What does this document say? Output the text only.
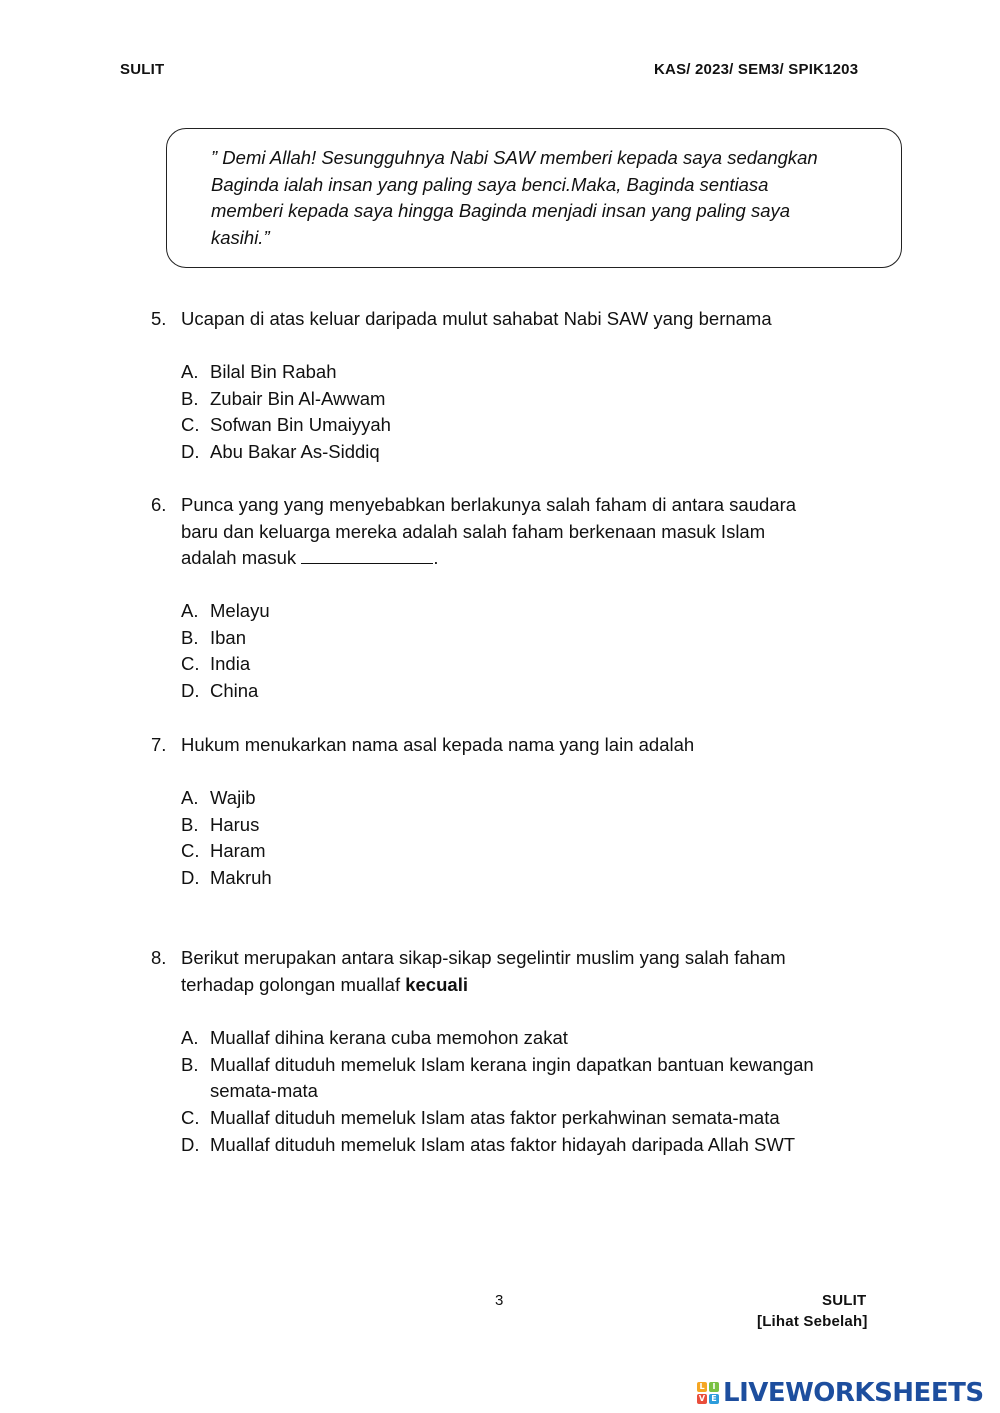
SULIT	KAS/ 2023/ SEM3/ SPIK1203
” Demi Allah! Sesungguhnya Nabi SAW memberi kepada saya sedangkan
Baginda ialah insan yang paling saya benci.Maka, Baginda sentiasa
memberi kepada saya hingga Baginda menjadi insan yang paling saya
kasihi.”
5. Ucapan di atas keluar daripada mulut sahabat Nabi SAW yang bernama
A. Bilal Bin Rabah
B. Zubair Bin Al-Awwam
C. Sofwan Bin Umaiyyah
D. Abu Bakar As-Siddiq
6. Punca yang yang menyebabkan berlakunya salah faham di antara saudara
baru dan keluarga mereka adalah salah faham berkenaan masuk Islam
adalah masuk	.
A. Melayu
B. Iban
C. India
D. China
7. Hukum menukarkan nama asal kepada nama yang lain adalah
A. Wajib
B. Harus
C. Haram
D. Makruh
8. Berikut merupakan antara sikap-sikap segelintir muslim yang salah faham
terhadap golongan muallaf kecuali
A. Muallaf dihina kerana cuba memohon zakat
B. Muallaf dituduh memeluk Islam kerana ingin dapatkan bantuan kewangan
semata-mata
C. Muallaf dituduh memeluk Islam atas faktor perkahwinan semata-mata
D. Muallaf dituduh memeluk Islam atas faktor hidayah daripada Allah SWT
3	SULIT
[Lihat Sebelah]
L I
V E LIVEWORKSHEETS
